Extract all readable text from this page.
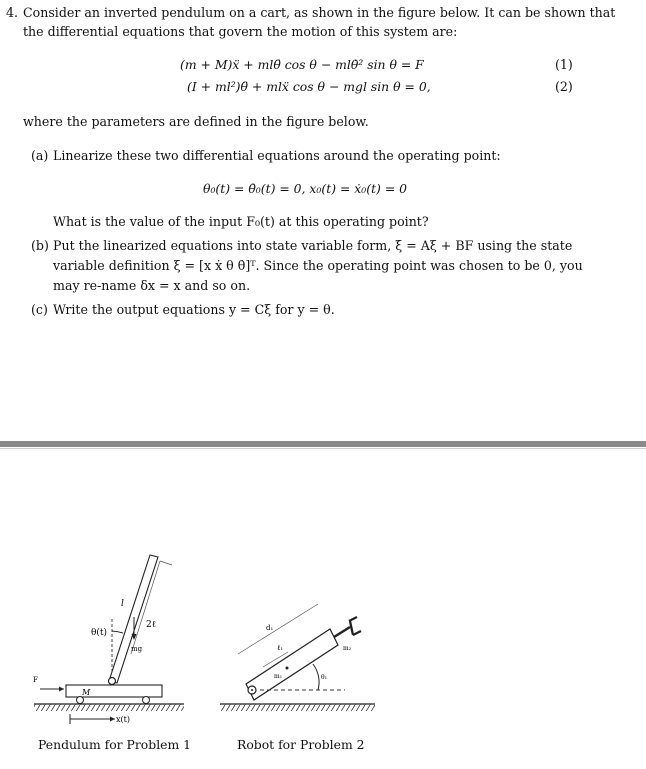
4. Consider an inverted pendulum on a cart, as shown in the figure below. It can be shown that
the differential equations that govern the motion of this system are:
(m + M)ẍ + mlθ̈ cos θ − mlθ̇² sin θ = F	(1)
(I + ml²)θ̈ + mlẍ cos θ − mgl sin θ = 0,	(2)
where the parameters are defined in the figure below.
(a) Linearize these two differential equations around the operating point:
θ₀(t) = θ̇₀(t) = 0, x₀(t) = ẋ₀(t) = 0
What is the value of the input F₀(t) at this operating point?
(b) Put the linearized equations into state variable form, ξ̇ = Aξ + BF using the state
variable definition ξ = [x ẋ θ θ̇]ᵀ. Since the operating point was chosen to be 0, you
may re-name δx = x and so on.
(c) Write the output equations y = Cξ for y = θ.
θ(t)
l
2ℓ
mg
F
M
x(t)
d₁
ℓ₁
m₁
m₂
θ₁
Pendulum for Problem 1	Robot for Problem 2
